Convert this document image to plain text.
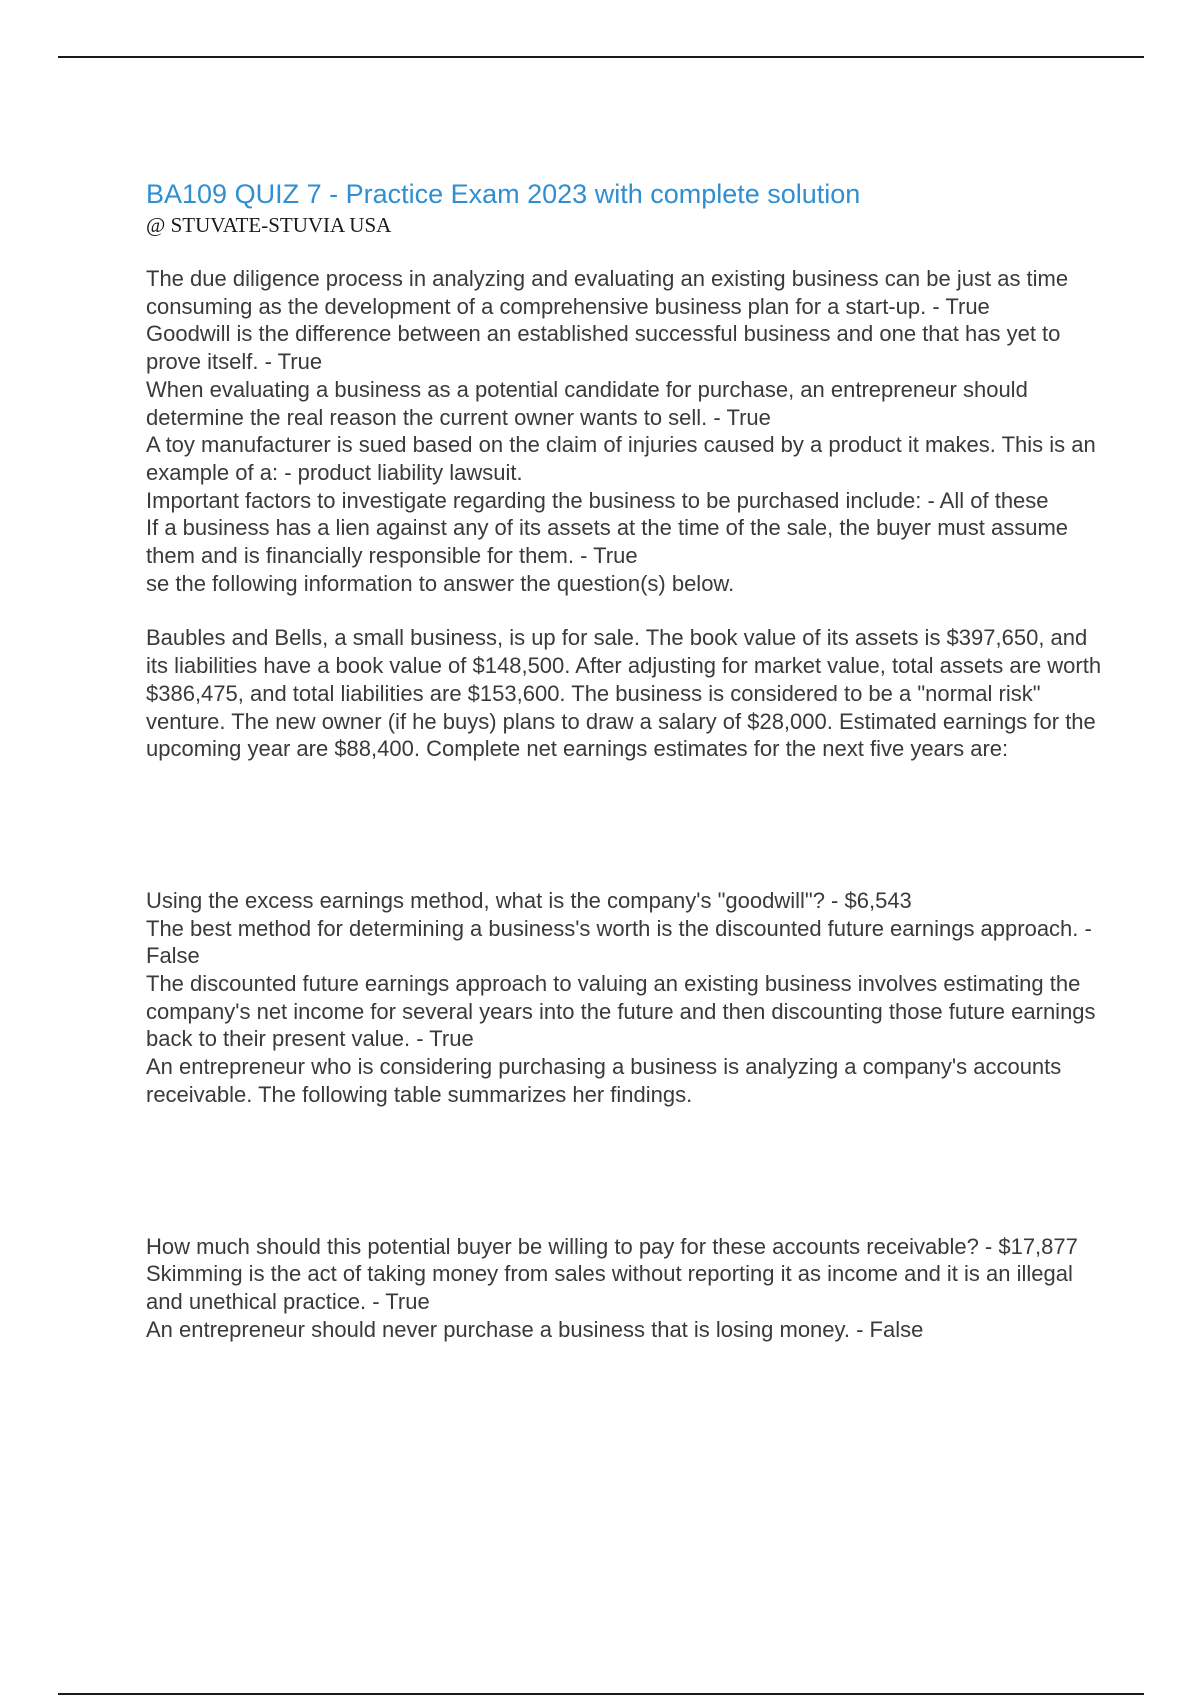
BA109 QUIZ 7 - Practice Exam 2023 with complete solution

@ STUVATE-STUVIA USA

The due diligence process in analyzing and evaluating an existing business can be just as time consuming as the development of a comprehensive business plan for a start-up. - True

Goodwill is the difference between an established successful business and one that has yet to prove itself. - True

When evaluating a business as a potential candidate for purchase, an entrepreneur should determine the real reason the current owner wants to sell. - True

A toy manufacturer is sued based on the claim of injuries caused by a product it makes. This is an example of a: - product liability lawsuit.

Important factors to investigate regarding the business to be purchased include: - All of these

If a business has a lien against any of its assets at the time of the sale, the buyer must assume them and is financially responsible for them. - True

se the following information to answer the question(s) below.

Baubles and Bells, a small business, is up for sale. The book value of its assets is $397,650, and its liabilities have a book value of $148,500. After adjusting for market value, total assets are worth $386,475, and total liabilities are $153,600. The business is considered to be a "normal risk" venture. The new owner (if he buys) plans to draw a salary of $28,000. Estimated earnings for the upcoming year are $88,400. Complete net earnings estimates for the next five years are:

Using the excess earnings method, what is the company's "goodwill"? - $6,543

The best method for determining a business's worth is the discounted future earnings approach. - False

The discounted future earnings approach to valuing an existing business involves estimating the company's net income for several years into the future and then discounting those future earnings back to their present value. - True

An entrepreneur who is considering purchasing a business is analyzing a company's accounts receivable. The following table summarizes her findings.

How much should this potential buyer be willing to pay for these accounts receivable? - $17,877

Skimming is the act of taking money from sales without reporting it as income and it is an illegal and unethical practice. - True

An entrepreneur should never purchase a business that is losing money. - False
